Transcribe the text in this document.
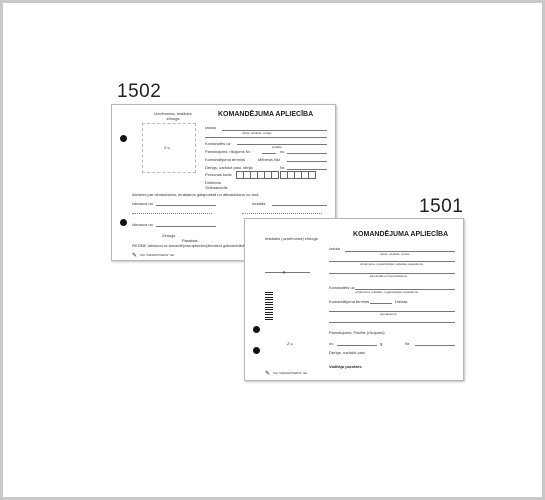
1502
Uzņēmuma, iestādes zīmogs
Z.v.
KOMANDĒJUMA APLIECĪBA
Izdota
vārds, uzvārds, amats
Komandēts uz
iestāde
Pamatojums: rīkojums Nr.	no
Komandējuma termiņš	Mēnesis līdz
Derīgs, uzrādot pasi, sērija	Nr.
Personas kods
Direktors
Grāmatvedis
Atzīmes par izbraukšanu, ierašanos galapunktā un atbraukšanu no turā
Izbrauca no	Ieradās
Izbrauca no
Zīmogs
Paraksts
PIEZĪME: Atbraucot no komandējuma apliecība jāiesniedz grāmatvedībā
✎ SIA "GRAMATVEDIS" tālr.
1501
Iestādes (uzņēmuma) zīmogs
KOMANDĒJUMA APLIECĪBA
Izdota
vārds, uzvārds, amats
uzņēmuma, organizācijas, iestādes nosaukums
g.
kas dodas uz komandējumu
Komandēts uz
uzņēmuma, iestādes, organizācijas nosaukums
Komandējuma termiņš	Dienas
pamatojums
Pamatojums: Pavēle (rīkojums)
Z.v.	no	g.	Nr.
Derīgs, uzrādot pasi
Vadītāja paraksts
✎ SIA "GRAMATVEDIS" tālr.
